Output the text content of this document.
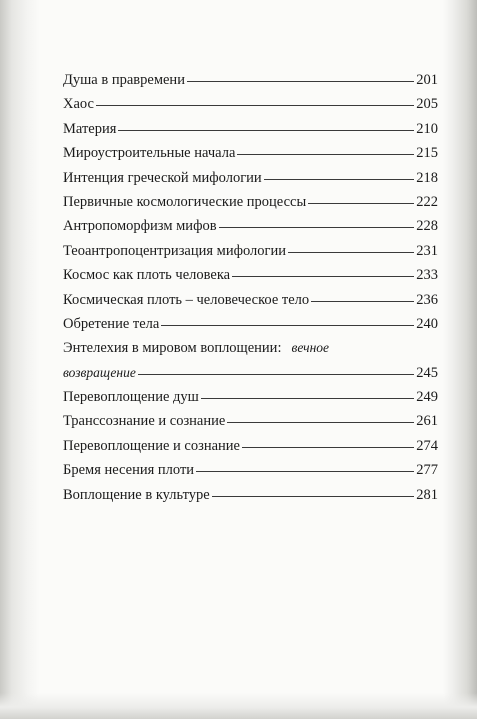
Душа в правремени	201
Хаос	205
Материя	210
Мироустроительные начала	215
Интенция греческой мифологии	218
Первичные космологические процессы	222
Антропоморфизм мифов	228
Теоантропоцентризация мифологии	231
Космос как плоть человека	233
Космическая плоть – человеческое тело	236
Обретение тела	240
Энтелехия в мировом воплощении: вечное
возвращение	245
Перевоплощение душ	249
Транссознание и сознание	261
Перевоплощение и сознание	274
Бремя несения плоти	277
Воплощение в культуре	281
